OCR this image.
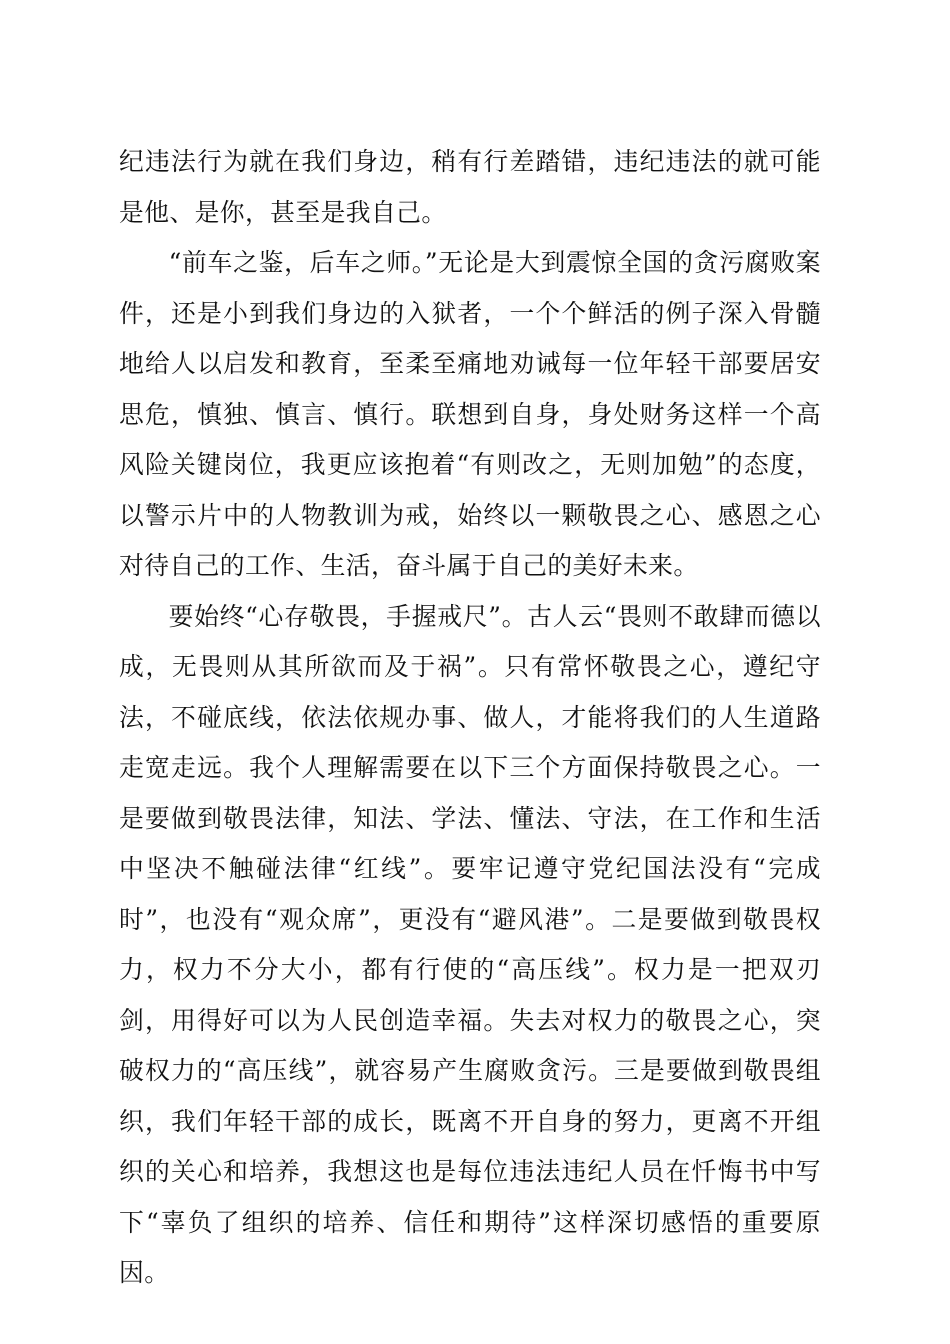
纪违法行为就在我们身边，稍有行差踏错，违纪违法的就可能是他、是你，甚至是我自己。

“前车之鉴，后车之师。”无论是大到震惊全国的贪污腐败案件，还是小到我们身边的入狱者，一个个鲜活的例子深入骨髓地给人以启发和教育，至柔至痛地劝诫每一位年轻干部要居安思危，慎独、慎言、慎行。联想到自身，身处财务这样一个高风险关键岗位，我更应该抱着“有则改之，无则加勉”的态度，以警示片中的人物教训为戒，始终以一颗敬畏之心、感恩之心对待自己的工作、生活，奋斗属于自己的美好未来。

要始终“心存敬畏，手握戒尺”。古人云“畏则不敢肆而德以成，无畏则从其所欲而及于祸”。只有常怀敬畏之心，遵纪守法，不碰底线，依法依规办事、做人，才能将我们的人生道路走宽走远。我个人理解需要在以下三个方面保持敬畏之心。一是要做到敬畏法律，知法、学法、懂法、守法，在工作和生活中坚决不触碰法律“红线”。要牢记遵守党纪国法没有“完成时”，也没有“观众席”，更没有“避风港”。二是要做到敬畏权力，权力不分大小，都有行使的“高压线”。权力是一把双刃剑，用得好可以为人民创造幸福。失去对权力的敬畏之心，突破权力的“高压线”，就容易产生腐败贪污。三是要做到敬畏组织，我们年轻干部的成长，既离不开自身的努力，更离不开组织的关心和培养，我想这也是每位违法违纪人员在忏悔书中写下“辜负了组织的培养、信任和期待”这样深切感悟的重要原因。
